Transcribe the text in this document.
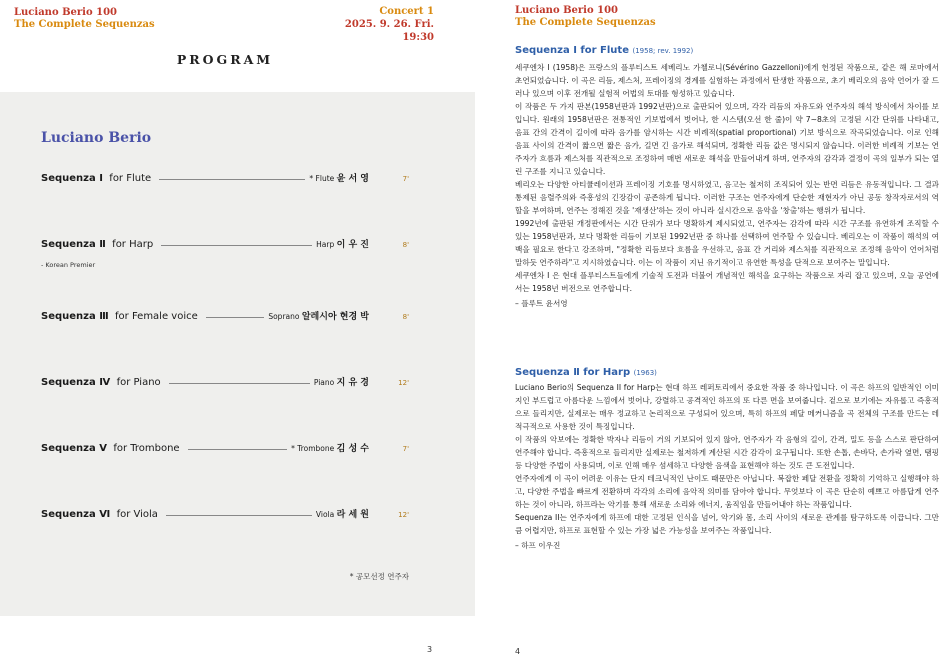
Luciano Berio 100
The Complete Sequenzas
Concert 1
2025. 9. 26. Fri. 19:30
PROGRAM
Luciano Berio
Sequenza Ⅰ for Flute	* Flute 윤 서 영	7'
Sequenza Ⅱ for Harp	Harp 이 우 진	8'
- Korean Premier
Sequenza Ⅲ for Female voice	Soprano 알레시아 현경 박	8'
Sequenza Ⅳ for Piano	Piano 지 유 경	12'
Sequenza Ⅴ for Trombone	* Trombone 김 성 수	7'
Sequenza Ⅵ for Viola	Viola 라 세 원	12'
* 공모선정 연주자
3
Luciano Berio 100
The Complete Sequenzas
Sequenza Ⅰ for Flute (1958; rev. 1992)

세쿠엔차 I (1958)은 프랑스의 플루티스트 세베리노 가첼로니(Sévérino Gazzelloni)에게 헌정된 작품으로, 같은 해 로마에서 초연되었습니다. 이 곡은 리듬, 제스처, 프레이징의 경계를 실험하는 과정에서 탄생한 작품으로, 초기 베리오의 음악 언어가 잘 드러나 있으며 이후 전개될 실험적 어법의 토대를 형성하고 있습니다.

이 작품은 두 가지 판본(1958년판과 1992년판)으로 출판되어 있으며, 각각 리듬의 자유도와 연주자의 해석 방식에서 차이를 보입니다. 원래의 1958년판은 전통적인 기보법에서 벗어나, 한 시스템(오선 한 줄)이 약 7~8초의 고정된 시간 단위를 나타내고, 음표 간의 간격이 길이에 따라 음가를 암시하는 시간 비례적(spatial proportional) 기보 방식으로 작곡되었습니다. 이로 인해 음표 사이의 간격이 짧으면 짧은 음가, 길면 긴 음가로 해석되며, 정확한 리듬 값은 명시되지 않습니다. 이러한 비례적 기보는 연주자가 흐름과 제스처를 직관적으로 조정하여 매번 새로운 해석을 만들어내게 하며, 연주자의 감각과 결정이 곡의 일부가 되는 열린 구조를 지니고 있습니다.

베리오는 다양한 아티큘레이션과 프레이징 기호를 명시하였고, 음고는 철저히 조직되어 있는 반면 리듬은 유동적입니다. 그 결과 통제된 음렬주의와 즉흥성의 긴장감이 공존하게 됩니다. 이러한 구조는 연주자에게 단순한 재현자가 아닌 공동 창작자로서의 역할을 부여하며, 연주는 정해진 것을 '재생산'하는 것이 아니라 실시간으로 음악을 '창출'하는 행위가 됩니다.

1992년에 출판된 개정판에서는 시간 단위가 보다 명확하게 제시되었고, 연주자는 감각에 따라 시간 구조를 유연하게 조직할 수 있는 1958년판과, 보다 명확한 리듬이 기보된 1992년판 중 하나를 선택하여 연주할 수 있습니다. 베리오는 이 작품이 해석의 여백을 필요로 한다고 강조하며, "정확한 리듬보다 흐름을 우선하고, 음표 간 거리와 제스처를 직관적으로 조정해 음악이 언어처럼 말하듯 연주하라"고 지시하였습니다. 이는 이 작품이 지닌 유기적이고 유연한 특성을 단적으로 보여주는 말입니다.

세쿠엔차 I 은 현대 플루티스트들에게 기술적 도전과 더불어 개념적인 해석을 요구하는 작품으로 자리 잡고 있으며, 오늘 공연에서는 1958년 버전으로 연주합니다.

– 플루트 윤서영

Sequenza Ⅱ for Harp (1963)

Luciano Berio의 Sequenza II for Harp는 현대 하프 레퍼토리에서 중요한 작품 중 하나입니다. 이 곡은 하프의 일반적인 이미지인 부드럽고 아름다운 느낌에서 벗어나, 강렬하고 공격적인 하프의 또 다른 면을 보여줍니다. 겉으로 보기에는 자유롭고 즉흥적으로 들리지만, 실제로는 매우 정교하고 논리적으로 구성되어 있으며, 특히 하프의 페달 메커니즘을 곡 전체의 구조를 만드는 데 적극적으로 사용한 것이 특징입니다.

이 작품의 악보에는 정확한 박자나 리듬이 거의 기보되어 있지 않아, 연주자가 각 음형의 길이, 간격, 밀도 등을 스스로 판단하여 연주해야 합니다. 즉흥적으로 들리지만 실제로는 철저하게 계산된 시간 감각이 요구됩니다. 또한 손톱, 손바닥, 손가락 옆면, 탬핑 등 다양한 주법이 사용되며, 이로 인해 매우 섬세하고 다양한 음색을 표현해야 하는 것도 큰 도전입니다.

연주자에게 이 곡이 어려운 이유는 단지 테크닉적인 난이도 때문만은 아닙니다. 복잡한 페달 전환을 정확히 기억하고 실행해야 하고, 다양한 주법을 빠르게 전환하며 각각의 소리에 음악적 의미를 담아야 합니다. 무엇보다 이 곡은 단순히 예쁘고 아름답게 연주하는 것이 아니라, 하프라는 악기를 통해 새로운 소리와 에너지, 움직임을 만들어내야 하는 작품입니다.

Sequenza II는 연주자에게 하프에 대한 고정된 인식을 넘어, 악기와 몸, 소리 사이의 새로운 관계를 탐구하도록 이끕니다. 그만큼 어렵지만, 하프로 표현할 수 있는 가장 넓은 가능성을 보여주는 작품입니다.

– 하프 이우진

4
